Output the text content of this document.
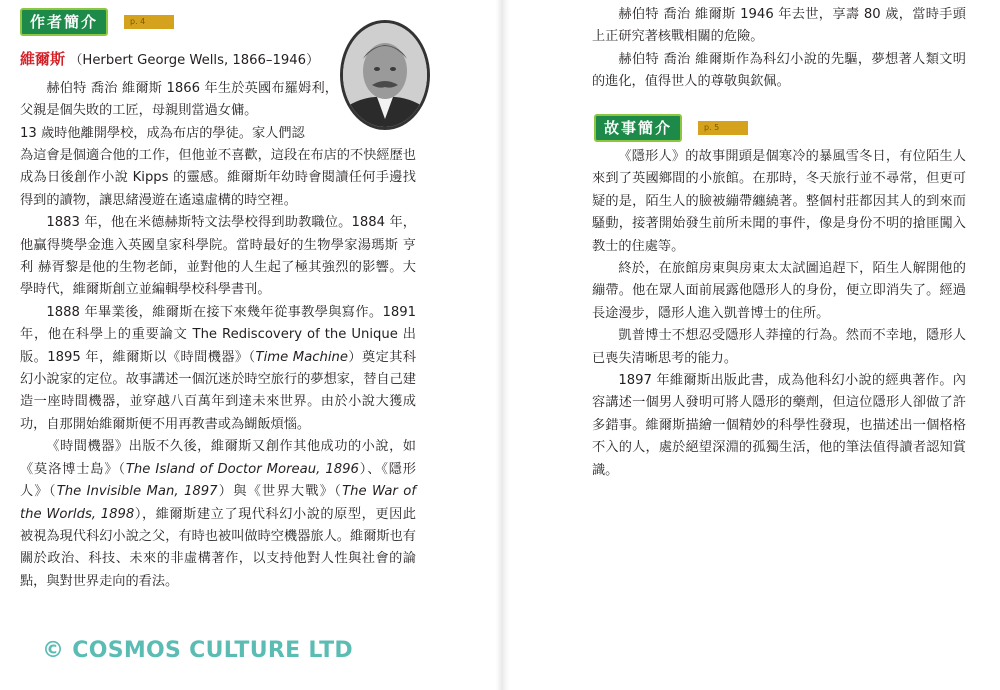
作者簡介	p. 4
維爾斯 （Herbert George Wells, 1866–1946）

赫伯特 喬治 維爾斯 1866 年生於英國布羅姆利，父親是個失敗的工匠，母親則當過女傭。

13 歲時他離開學校，成為布店的學徒。家人們認

為這會是個適合他的工作，但他並不喜歡，這段在布店的不快經歷也成為日後創作小說 Kipps 的靈感。維爾斯年幼時會閱讀任何手邊找得到的讀物，讓思緒漫遊在遙遠虛構的時空裡。

1883 年，他在米德赫斯特文法學校得到助教職位。1884 年，他贏得獎學金進入英國皇家科學院。當時最好的生物學家湯瑪斯 亨利 赫胥黎是他的生物老師，並對他的人生起了極其強烈的影響。大學時代，維爾斯創立並編輯學校科學書刊。

1888 年畢業後，維爾斯在接下來幾年從事教學與寫作。1891 年，他在科學上的重要論文 The Rediscovery of the Unique 出版。1895 年，維爾斯以《時間機器》（Time Machine）奠定其科幻小說家的定位。故事講述一個沉迷於時空旅行的夢想家，替自己建造一座時間機器，並穿越八百萬年到達未來世界。由於小說大獲成功，自那開始維爾斯便不用再教書或為餬飯煩惱。

《時間機器》出版不久後，維爾斯又創作其他成功的小說，如《莫洛博士島》（The Island of Doctor Moreau, 1896）、《隱形人》（The Invisible Man, 1897）與《世界大戰》（The War of the Worlds, 1898），維爾斯建立了現代科幻小說的原型，更因此被視為現代科幻小說之父，有時也被叫做時空機器旅人。維爾斯也有關於政治、科技、未來的非虛構著作，以支持他對人性與社會的論點，與對世界走向的看法。

© COSMOS CULTURE LTD

赫伯特 喬治 維爾斯 1946 年去世，享壽 80 歲，當時手頭上正研究著核戰相關的危險。

赫伯特 喬治 維爾斯作為科幻小說的先驅，夢想著人類文明的進化，值得世人的尊敬與欽佩。

故事簡介	p. 5

《隱形人》的故事開頭是個寒冷的暴風雪冬日，有位陌生人來到了英國鄉間的小旅館。在那時，冬天旅行並不尋常，但更可疑的是，陌生人的臉被繃帶纏繞著。整個村莊都因其人的到來而騷動，接著開始發生前所未聞的事件，像是身份不明的搶匪闖入教士的住處等。

終於，在旅館房東與房東太太試圖追趕下，陌生人解開他的繃帶。他在眾人面前展露他隱形人的身份，便立即消失了。經過長途漫步，隱形人進入凱普博士的住所。

凱普博士不想忍受隱形人莽撞的行為。然而不幸地，隱形人已喪失清晰思考的能力。

1897 年維爾斯出版此書，成為他科幻小說的經典著作。內容講述一個男人發明可將人隱形的藥劑，但這位隱形人卻做了許多錯事。維爾斯描繪一個精妙的科學性發現，也描述出一個格格不入的人，處於絕望深淵的孤獨生活，他的筆法值得讀者認知賞識。
